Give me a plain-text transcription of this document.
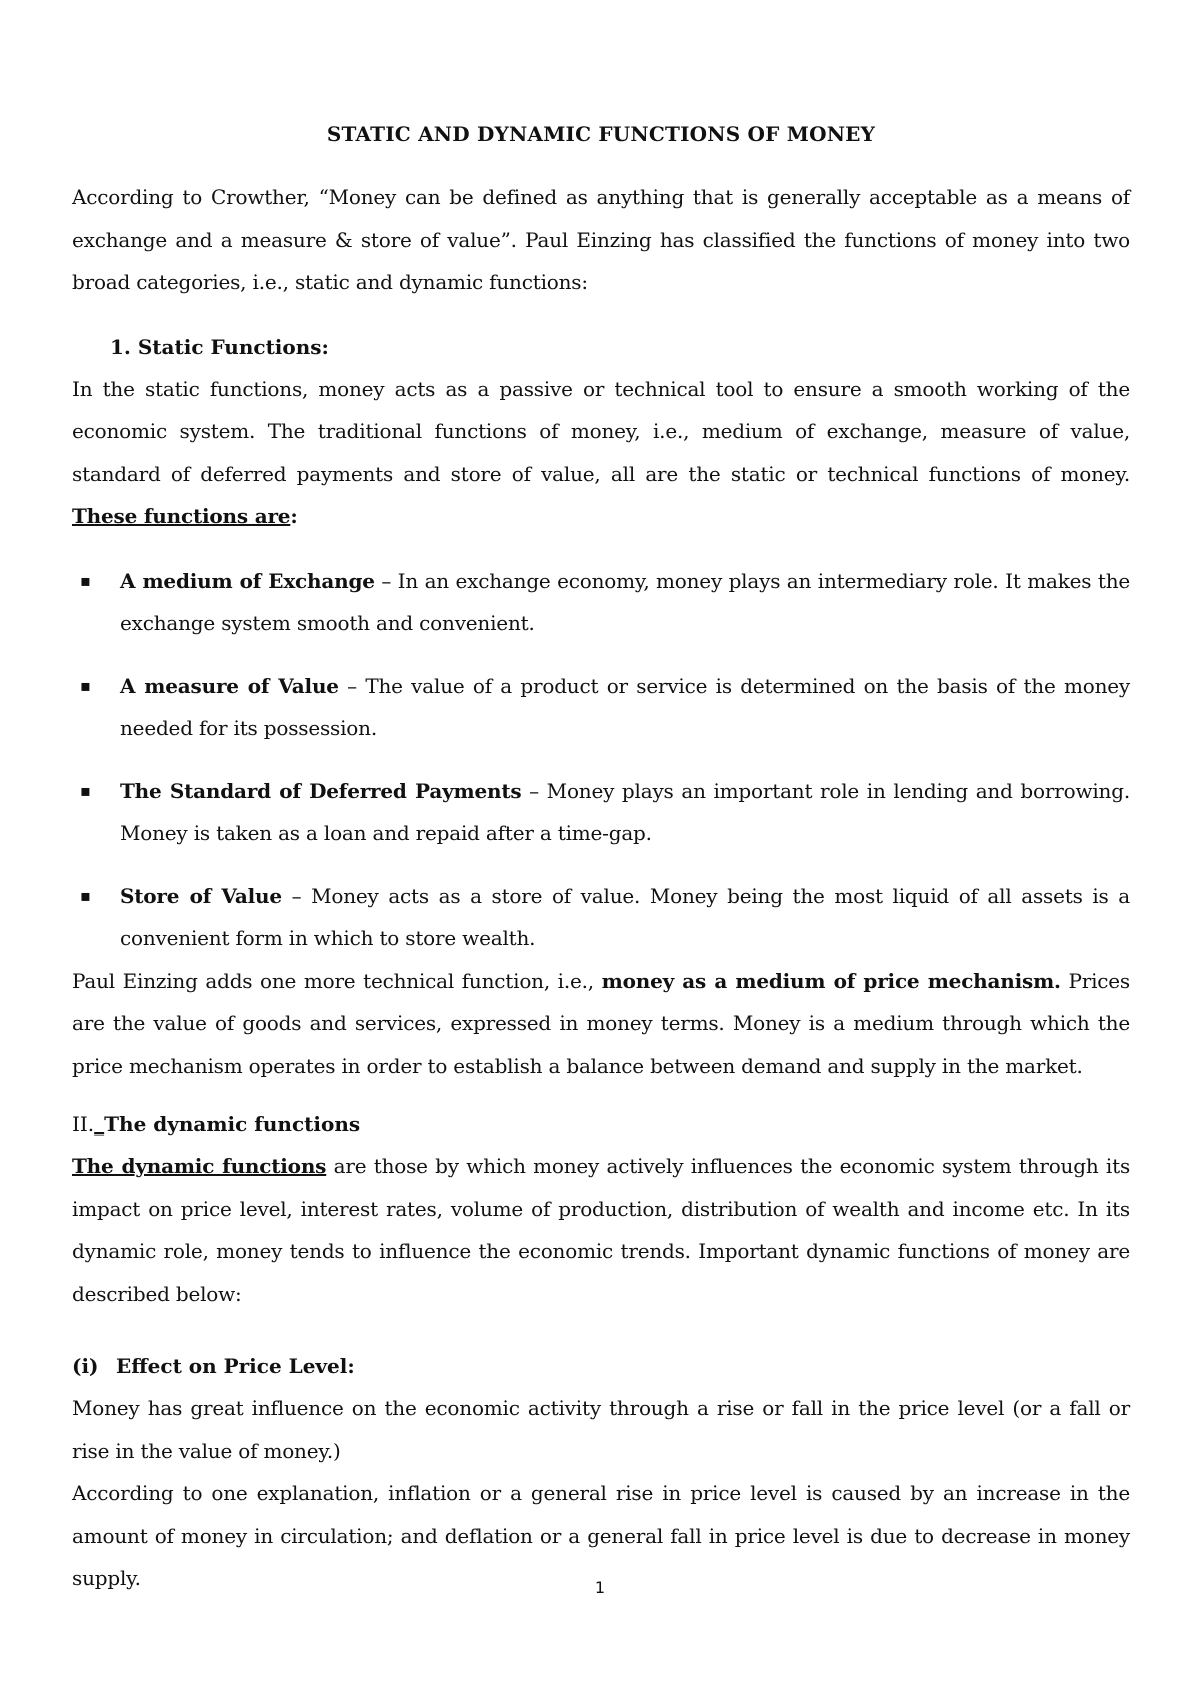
STATIC AND DYNAMIC FUNCTIONS OF MONEY

According to Crowther, “Money can be defined as anything that is generally acceptable as a means of exchange and a measure & store of value”. Paul Einzing has classified the functions of money into two broad categories, i.e., static and dynamic functions:

1. Static Functions:

In the static functions, money acts as a passive or technical tool to ensure a smooth working of the economic system. The traditional functions of money, i.e., medium of exchange, measure of value, standard of deferred payments and store of value, all are the static or technical functions of money. These functions are:

▪ A medium of Exchange – In an exchange economy, money plays an intermediary role. It makes the exchange system smooth and convenient.
▪ A measure of Value – The value of a product or service is determined on the basis of the money needed for its possession.
▪ The Standard of Deferred Payments – Money plays an important role in lending and borrowing. Money is taken as a loan and repaid after a time-gap.
▪ Store of Value – Money acts as a store of value. Money being the most liquid of all assets is a convenient form in which to store wealth.

Paul Einzing adds one more technical function, i.e., money as a medium of price mechanism. Prices are the value of goods and services, expressed in money terms. Money is a medium through which the price mechanism operates in order to establish a balance between demand and supply in the market.

II._The dynamic functions

The dynamic functions are those by which money actively influences the economic system through its impact on price level, interest rates, volume of production, distribution of wealth and income etc. In its dynamic role, money tends to influence the economic trends. Important dynamic functions of money are described below:

(i) Effect on Price Level:

Money has great influence on the economic activity through a rise or fall in the price level (or a fall or rise in the value of money.)

According to one explanation, inflation or a general rise in price level is caused by an increase in the amount of money in circulation; and deflation or a general fall in price level is due to decrease in money supply.	1
